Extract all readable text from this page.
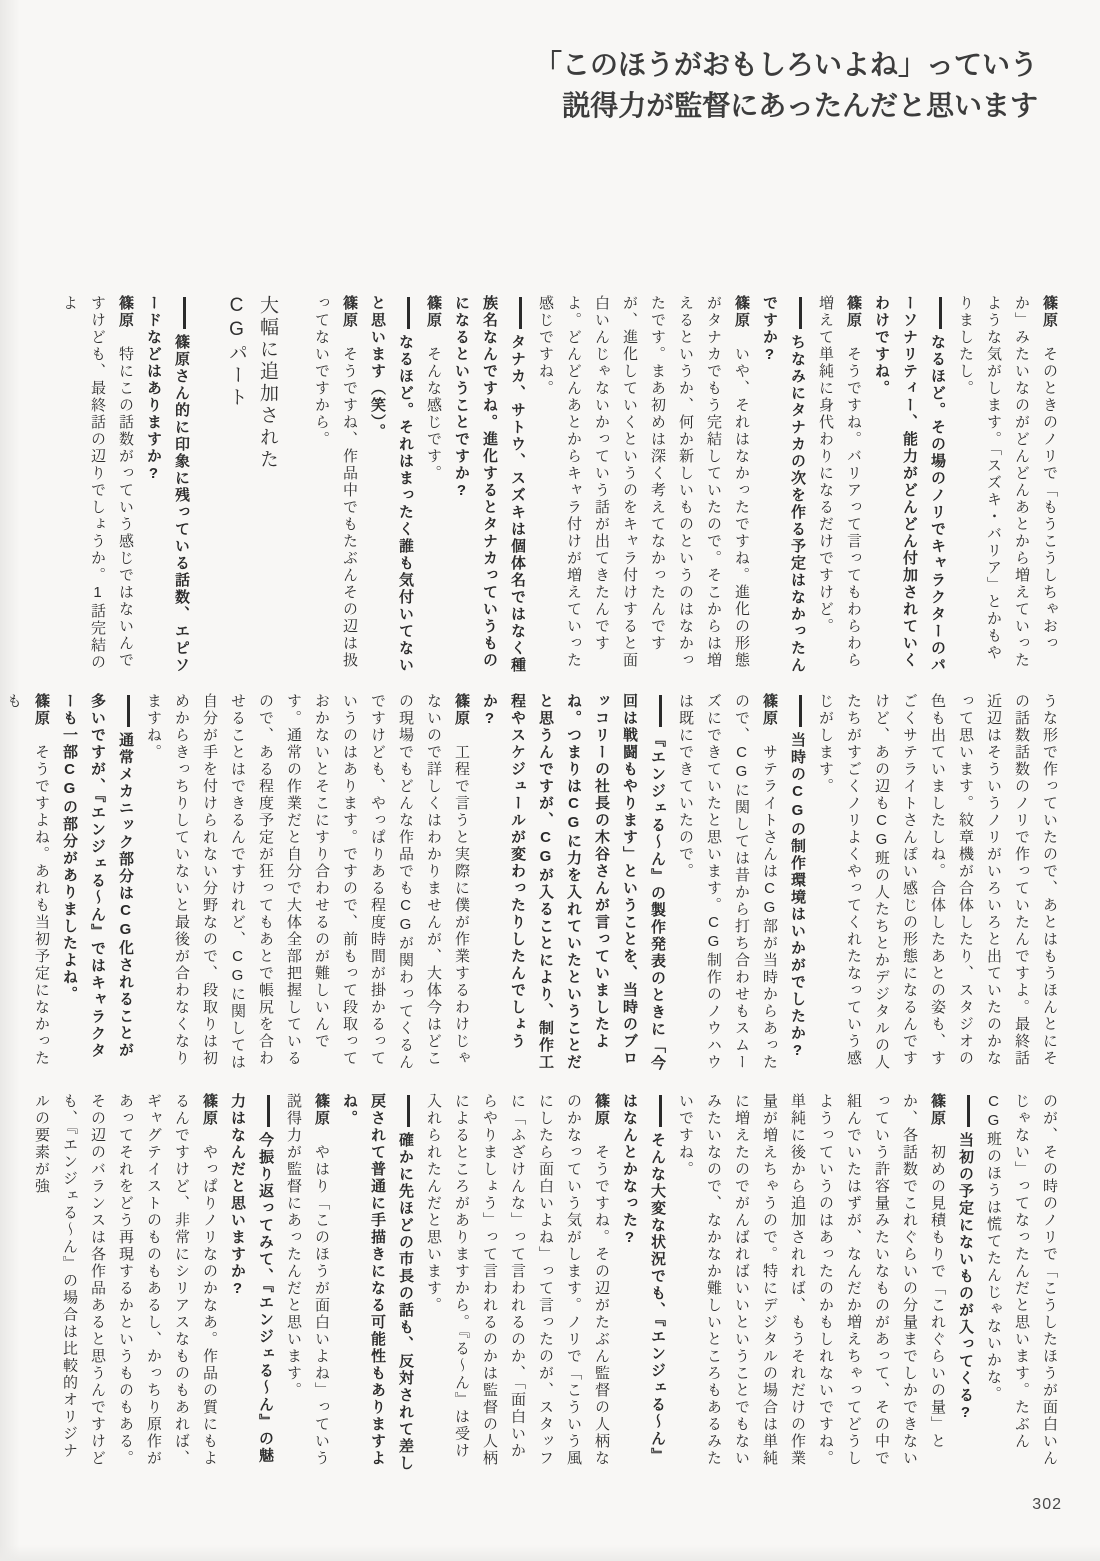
「このほうがおもしろいよね」っていう
説得力が監督にあったんだと思います

篠原そのときのノリで「もうこうしちゃおっか」みたいなのがどんどんあとから増えていったような気がします。「スズキ・バリア」とかもやりましたし。

なるほど。その場のノリでキャラクターのパーソナリティー、能力がどんどん付加されていくわけですね。

篠原そうですね。バリアって言ってもわらわら増えて単純に身代わりになるだけですけど。

ちなみにタナカの次を作る予定はなかったんですか?

篠原いや、それはなかったですね。進化の形態がタナカでもう完結していたので。そこからは増えるというか、何か新しいものというのはなかったです。まあ初めは深く考えてなかったんですが、進化していくというのをキャラ付けすると面白いんじゃないかっていう話が出てきたんですよ。どんどんあとからキャラ付けが増えていった感じですね。

タナカ、サトウ、スズキは個体名ではなく種族名なんですね。進化するとタナカっていうものになるということですか?

篠原そんな感じです。

なるほど。それはまったく誰も気付いてないと思います（笑）。

篠原そうですね、作品中でもたぶんその辺は扱ってないですから。

大幅に追加された
CGパート

篠原さん的に印象に残っている話数、エピソードなどはありますか?

篠原特にこの話数がっていう感じではないんですけども、最終話の辺りでしょうか。1話完結のよ

うな形で作っていたので、あとはもうほんとにその話数話数のノリで作っていたんですよ。最終話近辺はそういうノリがいろいろと出ていたのかなって思います。紋章機が合体したり、スタジオの色も出ていましたしね。合体したあとの姿も、すごくサテライトさんぽい感じの形態になるんですけど、あの辺もCG班の人たちとかデジタルの人たちがすごくノリよくやってくれたなっていう感じがします。

当時のCGの制作環境はいかがでしたか?

篠原サテライトさんはCG部が当時からあったので、CGに関しては昔から打ち合わせもスムーズにできていたと思います。CG制作のノウハウは既にできていたので。

『エンジェる〜ん』の製作発表のときに「今回は戦闘もやります」ということを、当時のブロッコリーの社長の木谷さんが言っていましたよね。つまりはCGに力を入れていたということだと思うんですが、CGが入ることにより、制作工程やスケジュールが変わったりしたんでしょうか?

篠原工程で言うと実際に僕が作業するわけじゃないので詳しくはわかりませんが、大体今はどこの現場でもどんな作品でもCGが関わってくるんですけども、やっぱりある程度時間が掛かるっていうのはあります。ですので、前もって段取っておかないとそこにすり合わせるのが難しいんです。通常の作業だと自分で大体全部把握しているので、ある程度予定が狂ってもあとで帳尻を合わせることはできるんですけれど、CGに関しては自分が手を付けられない分野なので、段取りは初めからきっちりしていないと最後が合わなくなりますね。

通常メカニック部分はCG化されることが多いですが、『エンジェる〜ん』ではキャラクターも一部CGの部分がありましたよね。

篠原そうですよね。あれも当初予定になかったも

のが、その時のノリで「こうしたほうが面白いんじゃない」ってなったんだと思います。たぶんCG班のほうは慌てたんじゃないかな。

当初の予定にないものが入ってくる?

篠原初めの見積もりで「これぐらいの量」とか、各話数でこれぐらいの分量までしかできないっていう許容量みたいなものがあって、その中で組んでいたはずが、なんだか増えちゃってどうしようっていうのはあったのかもしれないですね。単純に後から追加されれば、もうそれだけの作業量が増えちゃうので。特にデジタルの場合は単純に増えたのでがんばればいいということでもないみたいなので、なかなか難しいところもあるみたいですね。

そんな大変な状況でも、『エンジェる〜ん』はなんとかなった?

篠原そうですね。その辺がたぶん監督の人柄なのかなっていう気がします。ノリで「こういう風にしたら面白いよね」って言ったのが、スタッフに「ふざけんな」って言われるのか、「面白いからやりましょう」って言われるのかは監督の人柄によるところがありますから。『る〜ん』は受け入れられたんだと思います。

確かに先ほどの市長の話も、反対されて差し戻されて普通に手描きになる可能性もありますよね。

篠原やはり「このほうが面白いよね」っていう説得力が監督にあったんだと思います。

今振り返ってみて、『エンジェる〜ん』の魅力はなんだと思いますか?

篠原やっぱりノリなのかなあ。作品の質にもよるんですけど、非常にシリアスなものもあれば、ギャグテイストのものもあるし、かっちり原作があってそれをどう再現するかというものもある。その辺のバランスは各作品あると思うんですけども、『エンジェる〜ん』の場合は比較的オリジナルの要素が強

302
